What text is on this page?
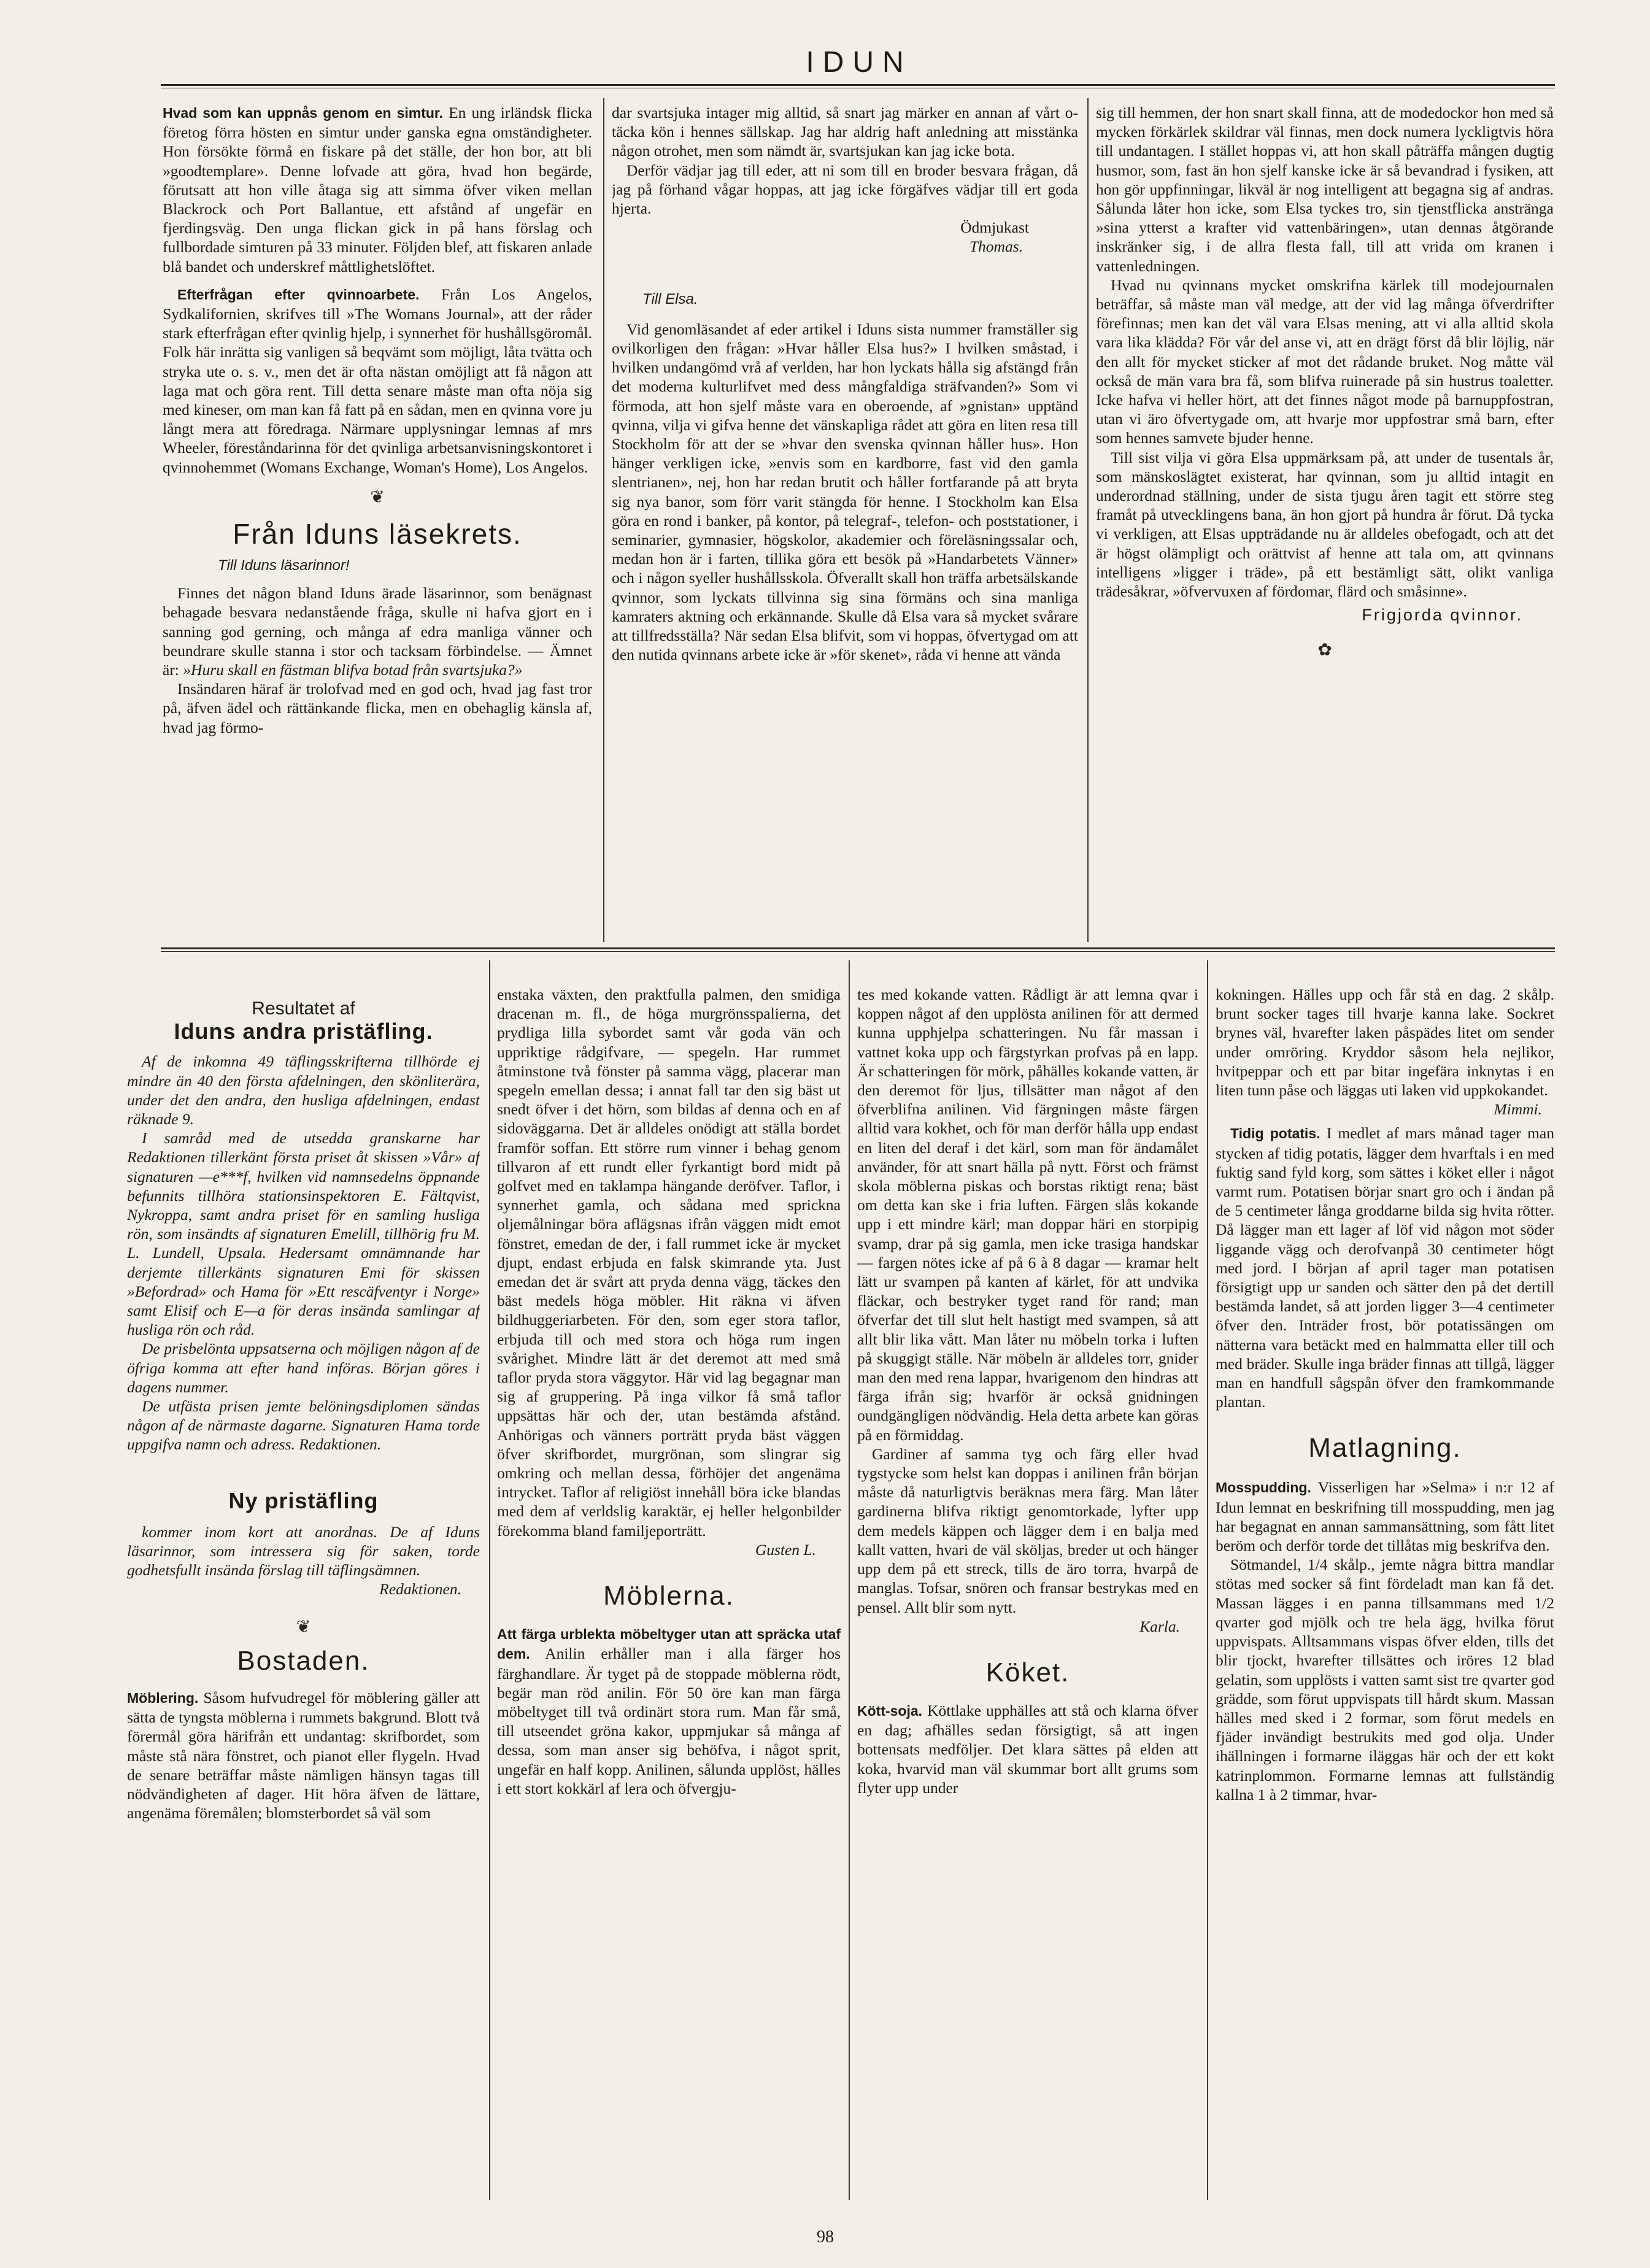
IDUN

Hvad som kan uppnås genom en simtur. En ung irländsk flicka företog förra hösten en simtur under ganska egna omständigheter. Hon försökte förmå en fiskare på det ställe, der hon bor, att bli »goodtemplare». Denne lofvade att göra, hvad hon begärde, förutsatt att hon ville åtaga sig att simma öfver viken mellan Blackrock och Port Ballantue, ett afstånd af ungefär en fjerdingsväg. Den unga flickan gick in på hans förslag och fullbordade simturen på 33 minuter. Följden blef, att fiskaren anlade blå bandet och underskref måttlighetslöftet.

Efterfrågan efter qvinnoarbete. Från Los Angelos, Sydkalifornien, skrifves till »The Womans Journal», att der råder stark efterfrågan efter qvinlig hjelp, i synnerhet för hushållsgöromål. Folk här inrätta sig vanligen så beqvämt som möjligt, låta tvätta och stryka ute o. s. v., men det är ofta nästan omöjligt att få någon att laga mat och göra rent. Till detta senare måste man ofta nöja sig med kineser, om man kan få fatt på en sådan, men en qvinna vore ju långt mera att föredraga. Närmare upplysningar lemnas af mrs Wheeler, föreståndarinna för det qvinliga arbetsanvisningskontoret i qvinnohemmet (Womans Exchange, Woman's Home), Los Angelos.

❦
Från Iduns läsekrets.
Till Iduns läsarinnor!

Finnes det någon bland Iduns ärade läsarinnor, som benägnast behagade besvara nedanstående fråga, skulle ni hafva gjort en i sanning god gerning, och många af edra manliga vänner och beundrare skulle stanna i stor och tacksam förbindelse. — Ämnet är: »Huru skall en fästman blifva botad från svartsjuka?»

Insändaren häraf är trolofvad med en god och, hvad jag fast tror på, äfven ädel och rättänkande flicka, men en obehaglig känsla af, hvad jag förmo-

dar svartsjuka intager mig alltid, så snart jag märker en annan af vårt o-täcka kön i hennes sällskap. Jag har aldrig haft anledning att misstänka någon otrohet, men som nämdt är, svartsjukan kan jag icke bota.

Derför vädjar jag till eder, att ni som till en broder besvara frågan, då jag på förhand vågar hoppas, att jag icke förgäfves vädjar till ert goda hjerta.

Ödmjukast
Thomas.
Till Elsa.

Vid genomläsandet af eder artikel i Iduns sista nummer framställer sig ovilkorligen den frågan: »Hvar håller Elsa hus?» I hvilken småstad, i hvilken undangömd vrå af verlden, har hon lyckats hålla sig afstängd från det moderna kulturlifvet med dess mångfaldiga sträfvanden?» Som vi förmoda, att hon sjelf måste vara en oberoende, af »gnistan» upptänd qvinna, vilja vi gifva henne det vänskapliga rådet att göra en liten resa till Stockholm för att der se »hvar den svenska qvinnan håller hus». Hon hänger verkligen icke, »envis som en kardborre, fast vid den gamla slentrianen», nej, hon har redan brutit och håller fortfarande på att bryta sig nya banor, som förr varit stängda för henne. I Stockholm kan Elsa göra en rond i banker, på kontor, på telegraf-, telefon- och poststationer, i seminarier, gymnasier, högskolor, akademier och föreläsningssalar och, medan hon är i farten, tillika göra ett besök på »Handarbetets Vänner» och i någon syeller hushållsskola. Öfverallt skall hon träffa arbetsälskande qvinnor, som lyckats tillvinna sig sina förmäns och sina manliga kamraters aktning och erkännande. Skulle då Elsa vara så mycket svårare att tillfredsställa? När sedan Elsa blifvit, som vi hoppas, öfvertygad om att den nutida qvinnans arbete icke är »för skenet», råda vi henne att vända

sig till hemmen, der hon snart skall finna, att de modedockor hon med så mycken förkärlek skildrar väl finnas, men dock numera lyckligtvis höra till undantagen. I stället hoppas vi, att hon skall påträffa mången dugtig husmor, som, fast än hon sjelf kanske icke är så bevandrad i fysiken, att hon gör uppfinningar, likväl är nog intelligent att begagna sig af andras. Sålunda låter hon icke, som Elsa tyckes tro, sin tjenstflicka anstränga »sina ytterst a krafter vid vattenbäringen», utan dennas åtgörande inskränker sig, i de allra flesta fall, till att vrida om kranen i vattenledningen.

Hvad nu qvinnans mycket omskrifna kärlek till modejournalen beträffar, så måste man väl medge, att der vid lag många öfverdrifter förefinnas; men kan det väl vara Elsas mening, att vi alla alltid skola vara lika klädda? För vår del anse vi, att en drägt först då blir löjlig, när den allt för mycket sticker af mot det rådande bruket. Nog måtte väl också de män vara bra få, som blifva ruinerade på sin hustrus toaletter. Icke hafva vi heller hört, att det finnes något mode på barnuppfostran, utan vi äro öfvertygade om, att hvarje mor uppfostrar små barn, efter som hennes samvete bjuder henne.

Till sist vilja vi göra Elsa uppmärksam på, att under de tusentals år, som mänskoslägtet existerat, har qvinnan, som ju alltid intagit en underordnad ställning, under de sista tjugu åren tagit ett större steg framåt på utvecklingens bana, än hon gjort på hundra år förut. Då tycka vi verkligen, att Elsas uppträdande nu är alldeles obefogadt, och att det är högst olämpligt och orättvist af henne att tala om, att qvinnans intelligens »ligger i träde», på ett bestämligt sätt, olikt vanliga trädesåkrar, »öfvervuxen af fördomar, flärd och småsinne».

Frigjorda qvinnor.
✿
Resultatet af
Iduns andra pristäfling.

Af de inkomna 49 täflingsskrifterna tillhörde ej mindre än 40 den första afdelningen, den skönliterära, under det den andra, den husliga afdelningen, endast räknade 9.

I samråd med de utsedda granskarne har Redaktionen tillerkänt första priset åt skissen »Vår» af signaturen —e***f, hvilken vid namnsedelns öppnande befunnits tillhöra stationsinspektoren E. Fältqvist, Nykroppa, samt andra priset för en samling husliga rön, som insändts af signaturen Emelill, tillhörig fru M. L. Lundell, Upsala. Hedersamt omnämnande har derjemte tillerkänts signaturen Emi för skissen »Befordrad» och Hama för »Ett rescäfventyr i Norge» samt Elisif och E—a för deras insända samlingar af husliga rön och råd.

De prisbelönta uppsatserna och möjligen någon af de öfriga komma att efter hand införas. Början göres i dagens nummer.

De utfästa prisen jemte belöningsdiplomen sändas någon af de närmaste dagarne. Signaturen Hama torde uppgifva namn och adress. Redaktionen.

Ny pristäfling

kommer inom kort att anordnas. De af Iduns läsarinnor, som intressera sig för saken, torde godhetsfullt insända förslag till täflingsämnen.

Redaktionen.
❦
Bostaden.

Möblering. Såsom hufvudregel för möblering gäller att sätta de tyngsta möblerna i rummets bakgrund. Blott två förermål göra härifrån ett undantag: skrifbordet, som måste stå nära fönstret, och pianot eller flygeln. Hvad de senare beträffar måste nämligen hänsyn tagas till nödvändigheten af dager. Hit höra äfven de lättare, angenäma föremålen; blomsterbordet så väl som

enstaka växten, den praktfulla palmen, den smidiga dracenan m. fl., de höga murgrönsspalierna, det prydliga lilla sybordet samt vår goda vän och uppriktige rådgifvare, — spegeln. Har rummet åtminstone två fönster på samma vägg, placerar man spegeln emellan dessa; i annat fall tar den sig bäst ut snedt öfver i det hörn, som bildas af denna och en af sidoväggarna. Det är alldeles onödigt att ställa bordet framför soffan. Ett större rum vinner i behag genom tillvaron af ett rundt eller fyrkantigt bord midt på golfvet med en taklampa hängande deröfver. Taflor, i synnerhet gamla, och sådana med sprickna oljemålningar böra aflägsnas ifrån väggen midt emot fönstret, emedan de der, i fall rummet icke är mycket djupt, endast erbjuda en falsk skimrande yta. Just emedan det är svårt att pryda denna vägg, täckes den bäst medels höga möbler. Hit räkna vi äfven bildhuggeriarbeten. För den, som eger stora taflor, erbjuda till och med stora och höga rum ingen svårighet. Mindre lätt är det deremot att med små taflor pryda stora väggytor. Här vid lag begagnar man sig af gruppering. På inga vilkor få små taflor uppsättas här och der, utan bestämda afstånd. Anhörigas och vänners porträtt pryda bäst väggen öfver skrifbordet, murgrönan, som slingrar sig omkring och mellan dessa, förhöjer det angenäma intrycket. Taflor af religiöst innehåll böra icke blandas med dem af verldslig karaktär, ej heller helgonbilder förekomma bland familjeporträtt.

Gusten L.
Möblerna.

Att färga urblekta möbeltyger utan att spräcka utaf dem. Anilin erhåller man i alla färger hos färghandlare. Är tyget på de stoppade möblerna rödt, begär man röd anilin. För 50 öre kan man färga möbeltyget till två ordinärt stora rum. Man får små, till utseendet gröna kakor, uppmjukar så många af dessa, som man anser sig behöfva, i något sprit, ungefär en half kopp. Anilinen, sålunda upplöst, hälles i ett stort kokkärl af lera och öfvergju-

tes med kokande vatten. Rådligt är att lemna qvar i koppen något af den upplösta anilinen för att dermed kunna upphjelpa schatteringen. Nu får massan i vattnet koka upp och färgstyrkan profvas på en lapp. Är schatteringen för mörk, påhälles kokande vatten, är den deremot för ljus, tillsätter man något af den öfverblifna anilinen. Vid färgningen måste färgen alltid vara kokhet, och för man derför hålla upp endast en liten del deraf i det kärl, som man för ändamålet använder, för att snart hälla på nytt. Först och främst skola möblerna piskas och borstas riktigt rena; bäst om detta kan ske i fria luften. Färgen slås kokande upp i ett mindre kärl; man doppar häri en storpipig svamp, drar på sig gamla, men icke trasiga handskar — fargen nötes icke af på 6 à 8 dagar — kramar helt lätt ur svampen på kanten af kärlet, för att undvika fläckar, och bestryker tyget rand för rand; man öfverfar det till slut helt hastigt med svampen, så att allt blir lika vått. Man låter nu möbeln torka i luften på skuggigt ställe. När möbeln är alldeles torr, gnider man den med rena lappar, hvarigenom den hindras att färga ifrån sig; hvarför är också gnidningen oundgängligen nödvändig. Hela detta arbete kan göras på en förmiddag.

Gardiner af samma tyg och färg eller hvad tygstycke som helst kan doppas i anilinen från början måste då naturligtvis beräknas mera färg. Man låter gardinerna blifva riktigt genomtorkade, lyfter upp dem medels käppen och lägger dem i en balja med kallt vatten, hvari de väl sköljas, breder ut och hänger upp dem på ett streck, tills de äro torra, hvarpå de manglas. Tofsar, snören och fransar bestrykas med en pensel. Allt blir som nytt.

Karla.
Köket.

Kött-soja. Köttlake upphälles att stå och klarna öfver en dag; afhälles sedan försigtigt, så att ingen bottensats medföljer. Det klara sättes på elden att koka, hvarvid man väl skummar bort allt grums som flyter upp under

kokningen. Hälles upp och får stå en dag. 2 skålp. brunt socker tages till hvarje kanna lake. Sockret brynes väl, hvarefter laken påspädes litet om sender under omröring. Kryddor såsom hela nejlikor, hvitpeppar och ett par bitar ingefära inknytas i en liten tunn påse och läggas uti laken vid uppkokandet.

Mimmi.

Tidig potatis. I medlet af mars månad tager man stycken af tidig potatis, lägger dem hvarftals i en med fuktig sand fyld korg, som sättes i köket eller i något varmt rum. Potatisen börjar snart gro och i ändan på de 5 centimeter långa groddarne bilda sig hvita rötter. Då lägger man ett lager af löf vid någon mot söder liggande vägg och derofvanpå 30 centimeter högt med jord. I början af april tager man potatisen försigtigt upp ur sanden och sätter den på det dertill bestämda landet, så att jorden ligger 3—4 centimeter öfver den. Inträder frost, bör potatissängen om nätterna vara betäckt med en halmmatta eller till och med bräder. Skulle inga bräder finnas att tillgå, lägger man en handfull sågspån öfver den framkommande plantan.

Matlagning.

Mosspudding. Visserligen har »Selma» i n:r 12 af Idun lemnat en beskrifning till mosspudding, men jag har begagnat en annan sammansättning, som fått litet beröm och derför torde det tillåtas mig beskrifva den.

Sötmandel, 1/4 skålp., jemte några bittra mandlar stötas med socker så fint fördeladt man kan få det. Massan lägges i en panna tillsammans med 1/2 qvarter god mjölk och tre hela ägg, hvilka förut uppvispats. Alltsammans vispas öfver elden, tills det blir tjockt, hvarefter tillsättes och iröres 12 blad gelatin, som upplösts i vatten samt sist tre qvarter god grädde, som förut uppvispats till hårdt skum. Massan hälles med sked i 2 formar, som förut medels en fjäder invändigt bestrukits med god olja. Under ihällningen i formarne iläggas här och der ett kokt katrinplommon. Formarne lemnas att fullständig kallna 1 à 2 timmar, hvar-

98
